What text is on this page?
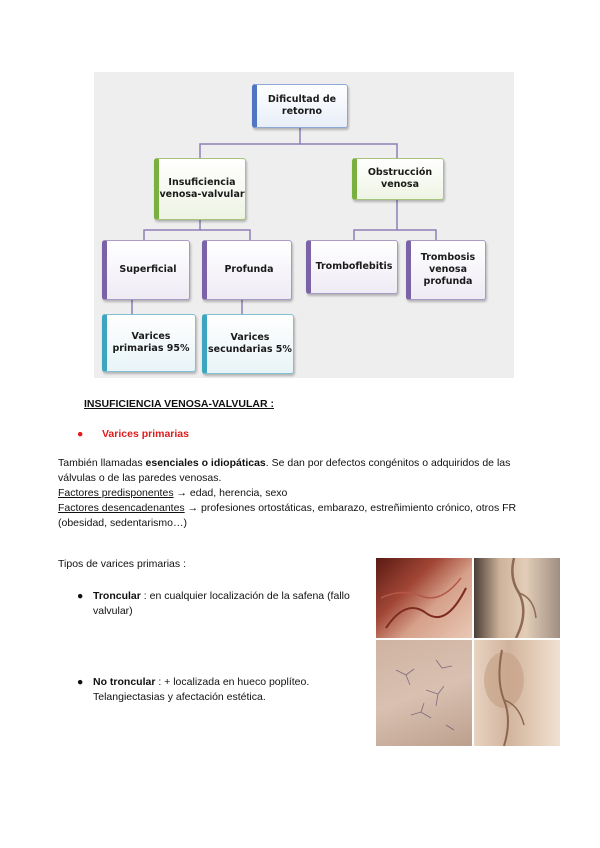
Dificultad de retorno
Insuficiencia venosa-valvular
Obstrucción venosa
Superficial	Profunda	Tromboflebitis
Trombosis venosa profunda
Varices primarias 95%
Varices secundarias 5%
INSUFICIENCIA VENOSA-VALVULAR :
● Varices primarias
También llamadas esenciales o idiopáticas. Se dan por defectos congénitos o adquiridos de las válvulas o de las paredes venosas.
Factores predisponentes → edad, herencia, sexo
Factores desencadenantes → profesiones ortostáticas, embarazo, estreñimiento crónico, otros FR (obesidad, sedentarismo…)
Tipos de varices primarias :
● Troncular : en cualquier localización de la safena (fallo valvular)
● No troncular : + localizada en hueco poplíteo. Telangiectasias y afectación estética.
